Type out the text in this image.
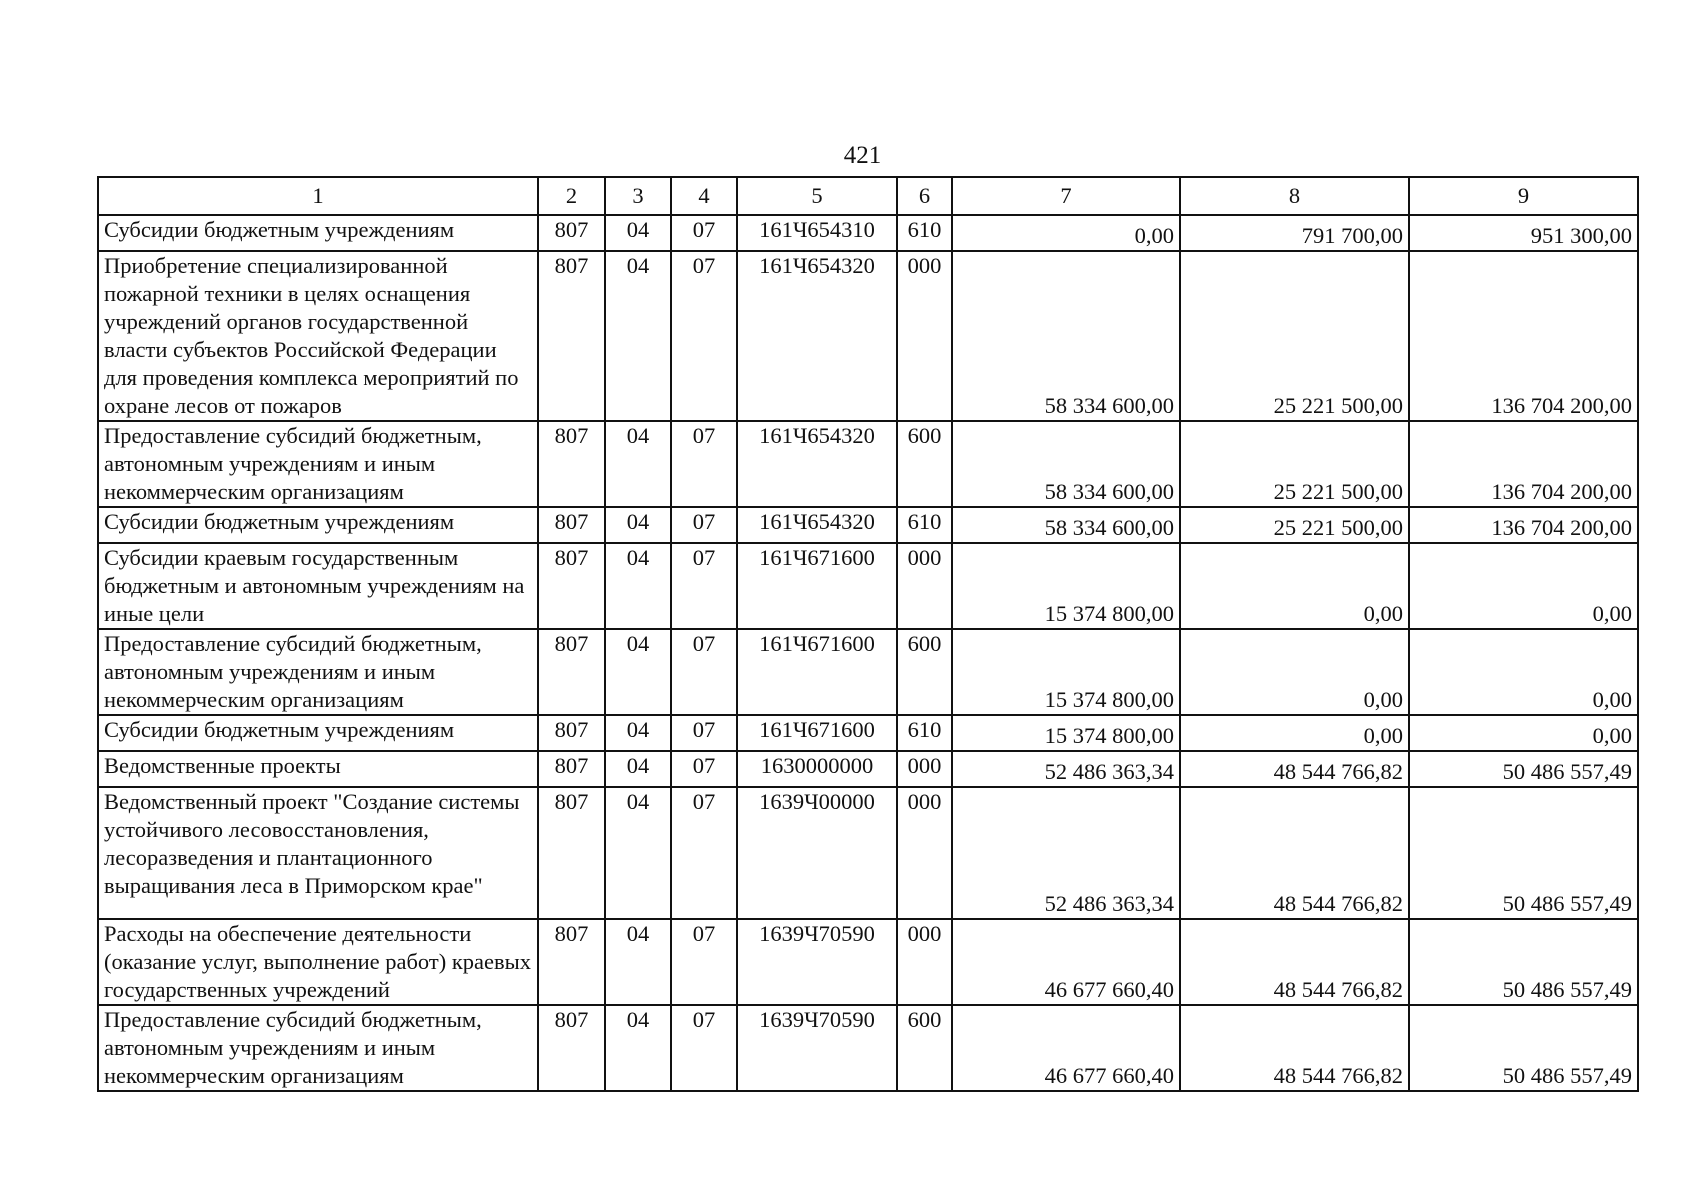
421
1	2	3	4	5	6	7	8	9
Субсидии бюджетным учреждениям	807	04	07	161Ч654310	610	0,00	791 700,00	951 300,00
Приобретение специализированной пожарной техники в целях оснащения учреждений органов государственной власти субъектов Российской Федерации для проведения комплекса мероприятий по охране лесов от пожаров	807	04	07	161Ч654320	000	58 334 600,00	25 221 500,00	136 704 200,00
Предоставление субсидий бюджетным, автономным учреждениям и иным некоммерческим организациям	807	04	07	161Ч654320	600	58 334 600,00	25 221 500,00	136 704 200,00
Субсидии бюджетным учреждениям	807	04	07	161Ч654320	610	58 334 600,00	25 221 500,00	136 704 200,00
Субсидии краевым государственным бюджетным и автономным учреждениям на иные цели	807	04	07	161Ч671600	000	15 374 800,00	0,00	0,00
Предоставление субсидий бюджетным, автономным учреждениям и иным некоммерческим организациям	807	04	07	161Ч671600	600	15 374 800,00	0,00	0,00
Субсидии бюджетным учреждениям	807	04	07	161Ч671600	610	15 374 800,00	0,00	0,00
Ведомственные проекты	807	04	07	1630000000	000	52 486 363,34	48 544 766,82	50 486 557,49
Ведомственный проект "Создание системы устойчивого лесовосстановления, лесоразведения и плантационного выращивания леса в Приморском крае"	807	04	07	1639Ч00000	000	52 486 363,34	48 544 766,82	50 486 557,49
Расходы на обеспечение деятельности (оказание услуг, выполнение работ) краевых государственных учреждений	807	04	07	1639Ч70590	000	46 677 660,40	48 544 766,82	50 486 557,49
Предоставление субсидий бюджетным, автономным учреждениям и иным некоммерческим организациям	807	04	07	1639Ч70590	600	46 677 660,40	48 544 766,82	50 486 557,49
